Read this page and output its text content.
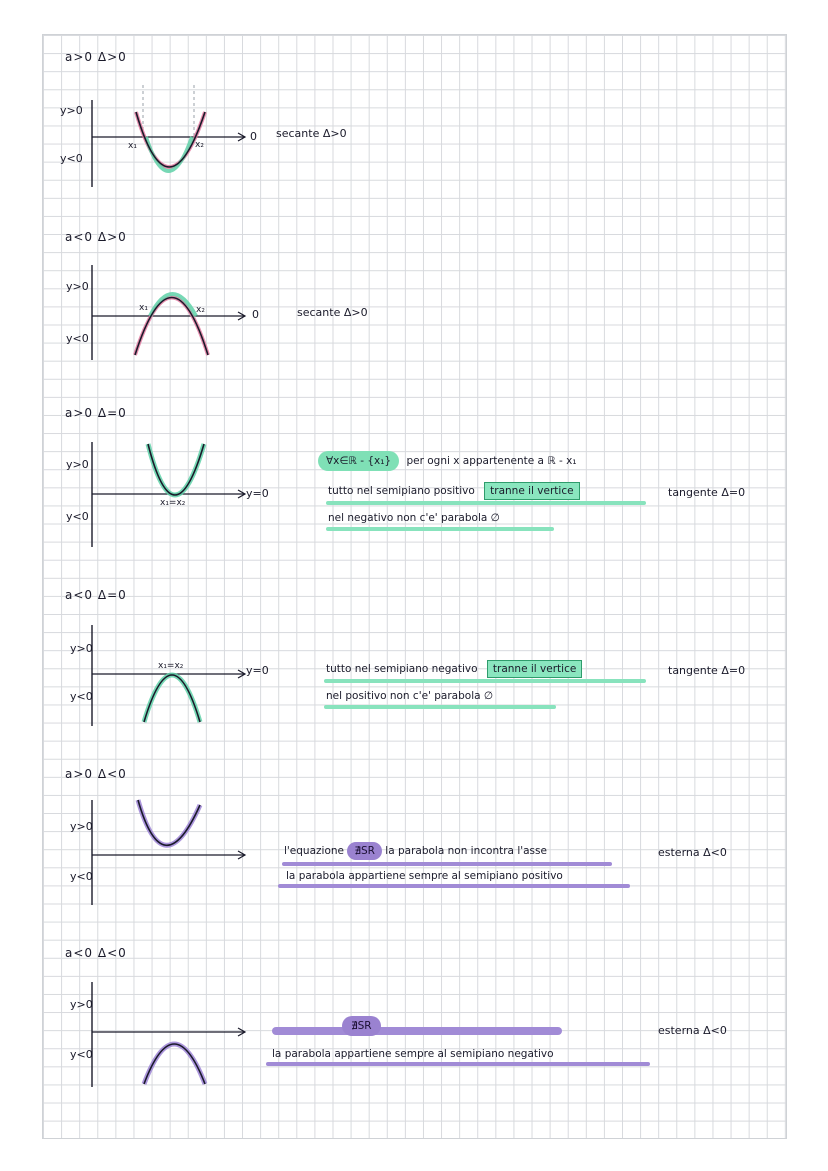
a>0 Δ>0
y>0
y<0
x₁	x₂
0 secante Δ>0
a<0 Δ>0
y>0
y<0
x₁	x₂	0	secante Δ>0
a>0 Δ=0
y>0
y<0
x₁=x₂
y=0
∀x∈ℝ - {x₁} per ogni x appartenente a ℝ - x₁
tutto nel semipiano positivo tranne il vertice
nel negativo non c'e' parabola ∅
tangente Δ=0
a<0 Δ=0
y>0
y<0
x₁=x₂	y=0	tutto nel semipiano negativo tranne il vertice
nel positivo non c'e' parabola ∅
tangente Δ=0
a>0 Δ<0
y>0
y<0
l'equazione ∄SR la parabola non incontra l'asse
la parabola appartiene sempre al semipiano positivo
esterna Δ<0
a<0 Δ<0
y>0
y<0
∄SR
la parabola appartiene sempre al semipiano negativo
esterna Δ<0
